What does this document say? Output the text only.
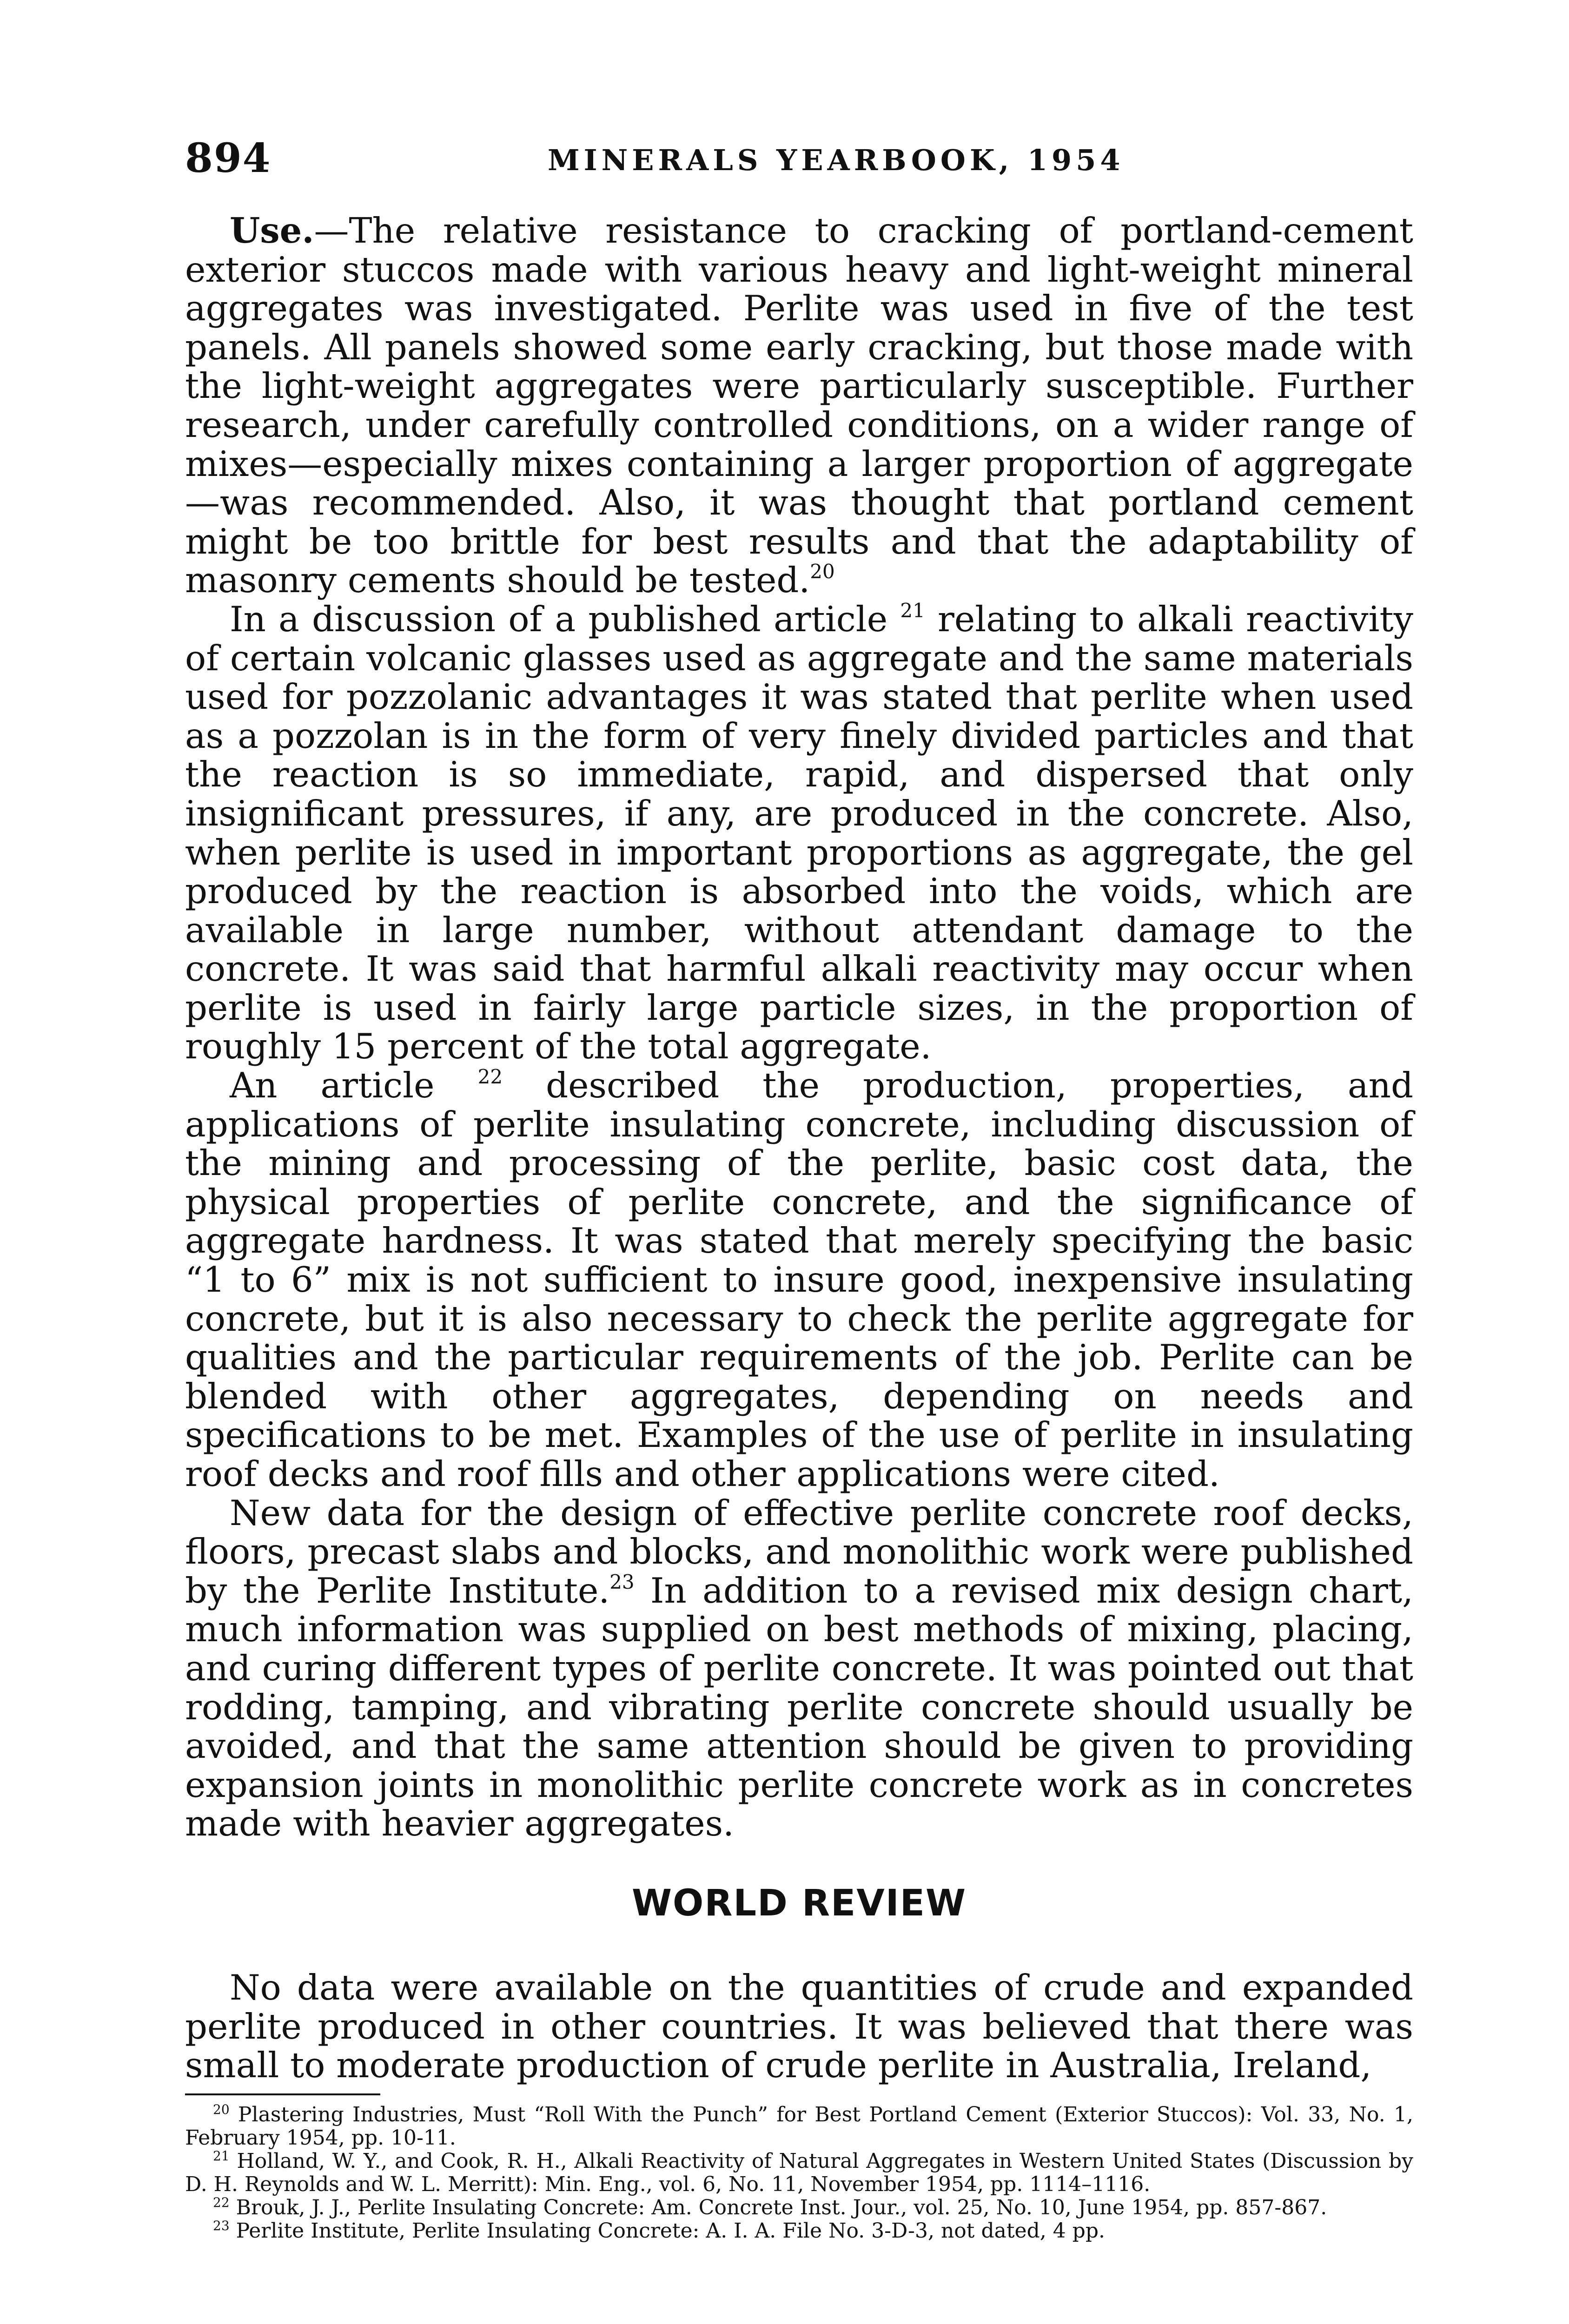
894	MINERALS YEARBOOK, 1954

Use.—The relative resistance to cracking of portland-cement exterior stuccos made with various heavy and light-weight mineral aggregates was investigated. Perlite was used in five of the test panels. All panels showed some early cracking, but those made with the light-weight aggregates were particularly susceptible. Further research, under carefully controlled conditions, on a wider range of mixes—especially mixes containing a larger proportion of aggregate—was recommended. Also, it was thought that portland cement might be too brittle for best results and that the adaptability of masonry cements should be tested.$^{20}$

In a discussion of a published article $^{21}$ relating to alkali reactivity of certain volcanic glasses used as aggregate and the same materials used for pozzolanic advantages it was stated that perlite when used as a pozzolan is in the form of very finely divided particles and that the reaction is so immediate, rapid, and dispersed that only insignificant pressures, if any, are produced in the concrete. Also, when perlite is used in important proportions as aggregate, the gel produced by the reaction is absorbed into the voids, which are available in large number, without attendant damage to the concrete. It was said that harmful alkali reactivity may occur when perlite is used in fairly large particle sizes, in the proportion of roughly 15 percent of the total aggregate.

An article $^{22}$ described the production, properties, and applications of perlite insulating concrete, including discussion of the mining and processing of the perlite, basic cost data, the physical properties of perlite concrete, and the significance of aggregate hardness. It was stated that merely specifying the basic “1 to 6” mix is not sufficient to insure good, inexpensive insulating concrete, but it is also necessary to check the perlite aggregate for qualities and the particular requirements of the job. Perlite can be blended with other aggregates, depending on needs and specifications to be met. Examples of the use of perlite in insulating roof decks and roof fills and other applications were cited.

New data for the design of effective perlite concrete roof decks, floors, precast slabs and blocks, and monolithic work were published by the Perlite Institute.$^{23}$ In addition to a revised mix design chart, much information was supplied on best methods of mixing, placing, and curing different types of perlite concrete. It was pointed out that rodding, tamping, and vibrating perlite concrete should usually be avoided, and that the same attention should be given to providing expansion joints in monolithic perlite concrete work as in concretes made with heavier aggregates.

WORLD REVIEW

No data were available on the quantities of crude and expanded perlite produced in other countries. It was believed that there was small to moderate production of crude perlite in Australia, Ireland,

$^{20}$ Plastering Industries, Must “Roll With the Punch” for Best Portland Cement (Exterior Stuccos): Vol. 33, No. 1, February 1954, pp. 10-11.

$^{21}$ Holland, W. Y., and Cook, R. H., Alkali Reactivity of Natural Aggregates in Western United States (Discussion by D. H. Reynolds and W. L. Merritt): Min. Eng., vol. 6, No. 11, November 1954, pp. 1114–1116.

$^{22}$ Brouk, J. J., Perlite Insulating Concrete: Am. Concrete Inst. Jour., vol. 25, No. 10, June 1954, pp. 857-867.

$^{23}$ Perlite Institute, Perlite Insulating Concrete: A. I. A. File No. 3-D-3, not dated, 4 pp.
